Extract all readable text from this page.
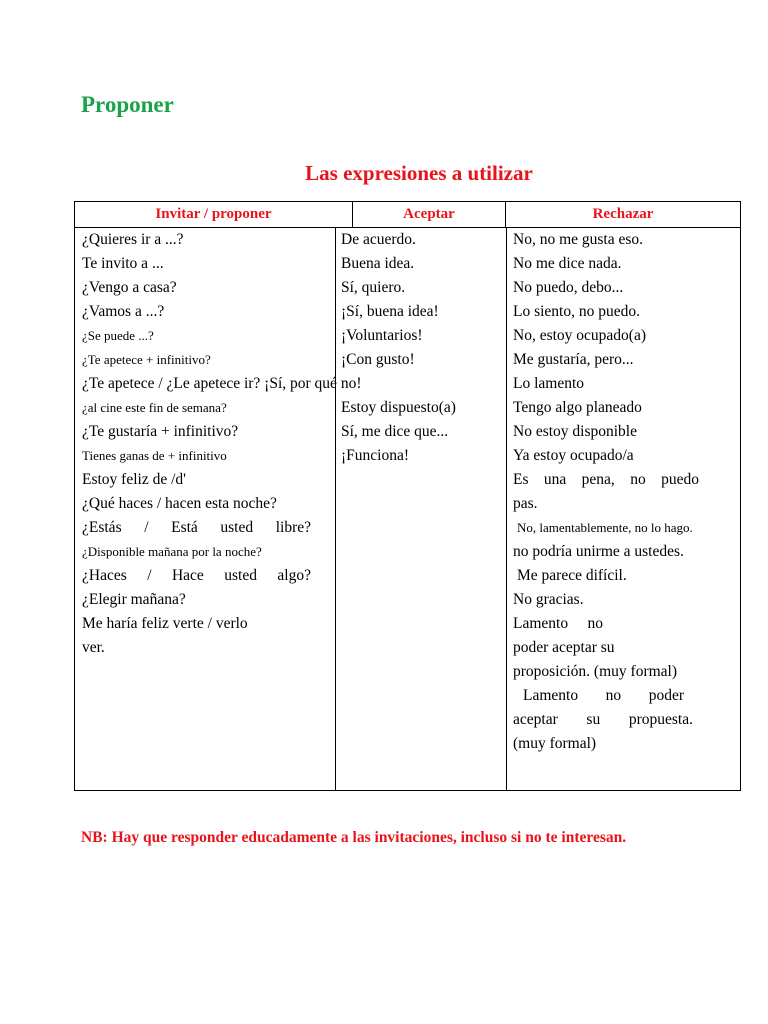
Proponer
Las expresiones a utilizar
Invitar / proponer	Aceptar	Rechazar
¿Quieres ir a ...?
Te invito a ...
¿Vengo a casa?
¿Vamos a ...?
¿Se puede ...?
¿Te apetece + infinitivo?
¿Te apetece / ¿Le apetece ir? ¡Sí, por qué no!
¿al cine este fin de semana?
¿Te gustaría + infinitivo?
Tienes ganas de + infinitivo
Estoy feliz de /d'
¿Qué haces / hacen esta noche?
¿Estás / Está usted libre?
¿Disponible mañana por la noche?
¿Haces / Hace usted algo?
¿Elegir mañana?
Me haría feliz verte / verlo
ver.
De acuerdo.
Buena idea.
Sí, quiero.
¡Sí, buena idea!
¡Voluntarios!
¡Con gusto!
Estoy dispuesto(a)
Sí, me dice que...
¡Funciona!
No, no me gusta eso.
No me dice nada.
No puedo, debo...
Lo siento, no puedo.
No, estoy ocupado(a)
Me gustaría, pero...
Lo lamento
Tengo algo planeado
No estoy disponible
Ya estoy ocupado/a
Es una pena, no puedo
pas.
No, lamentablemente, no lo hago.
no podría unirme a ustedes.
Me parece difícil.
No gracias.
Lamento no
poder aceptar su
proposición. (muy formal)
Lamento no poder
aceptar su propuesta.
(muy formal)

NB: Hay que responder educadamente a las invitaciones, incluso si no te interesan.
